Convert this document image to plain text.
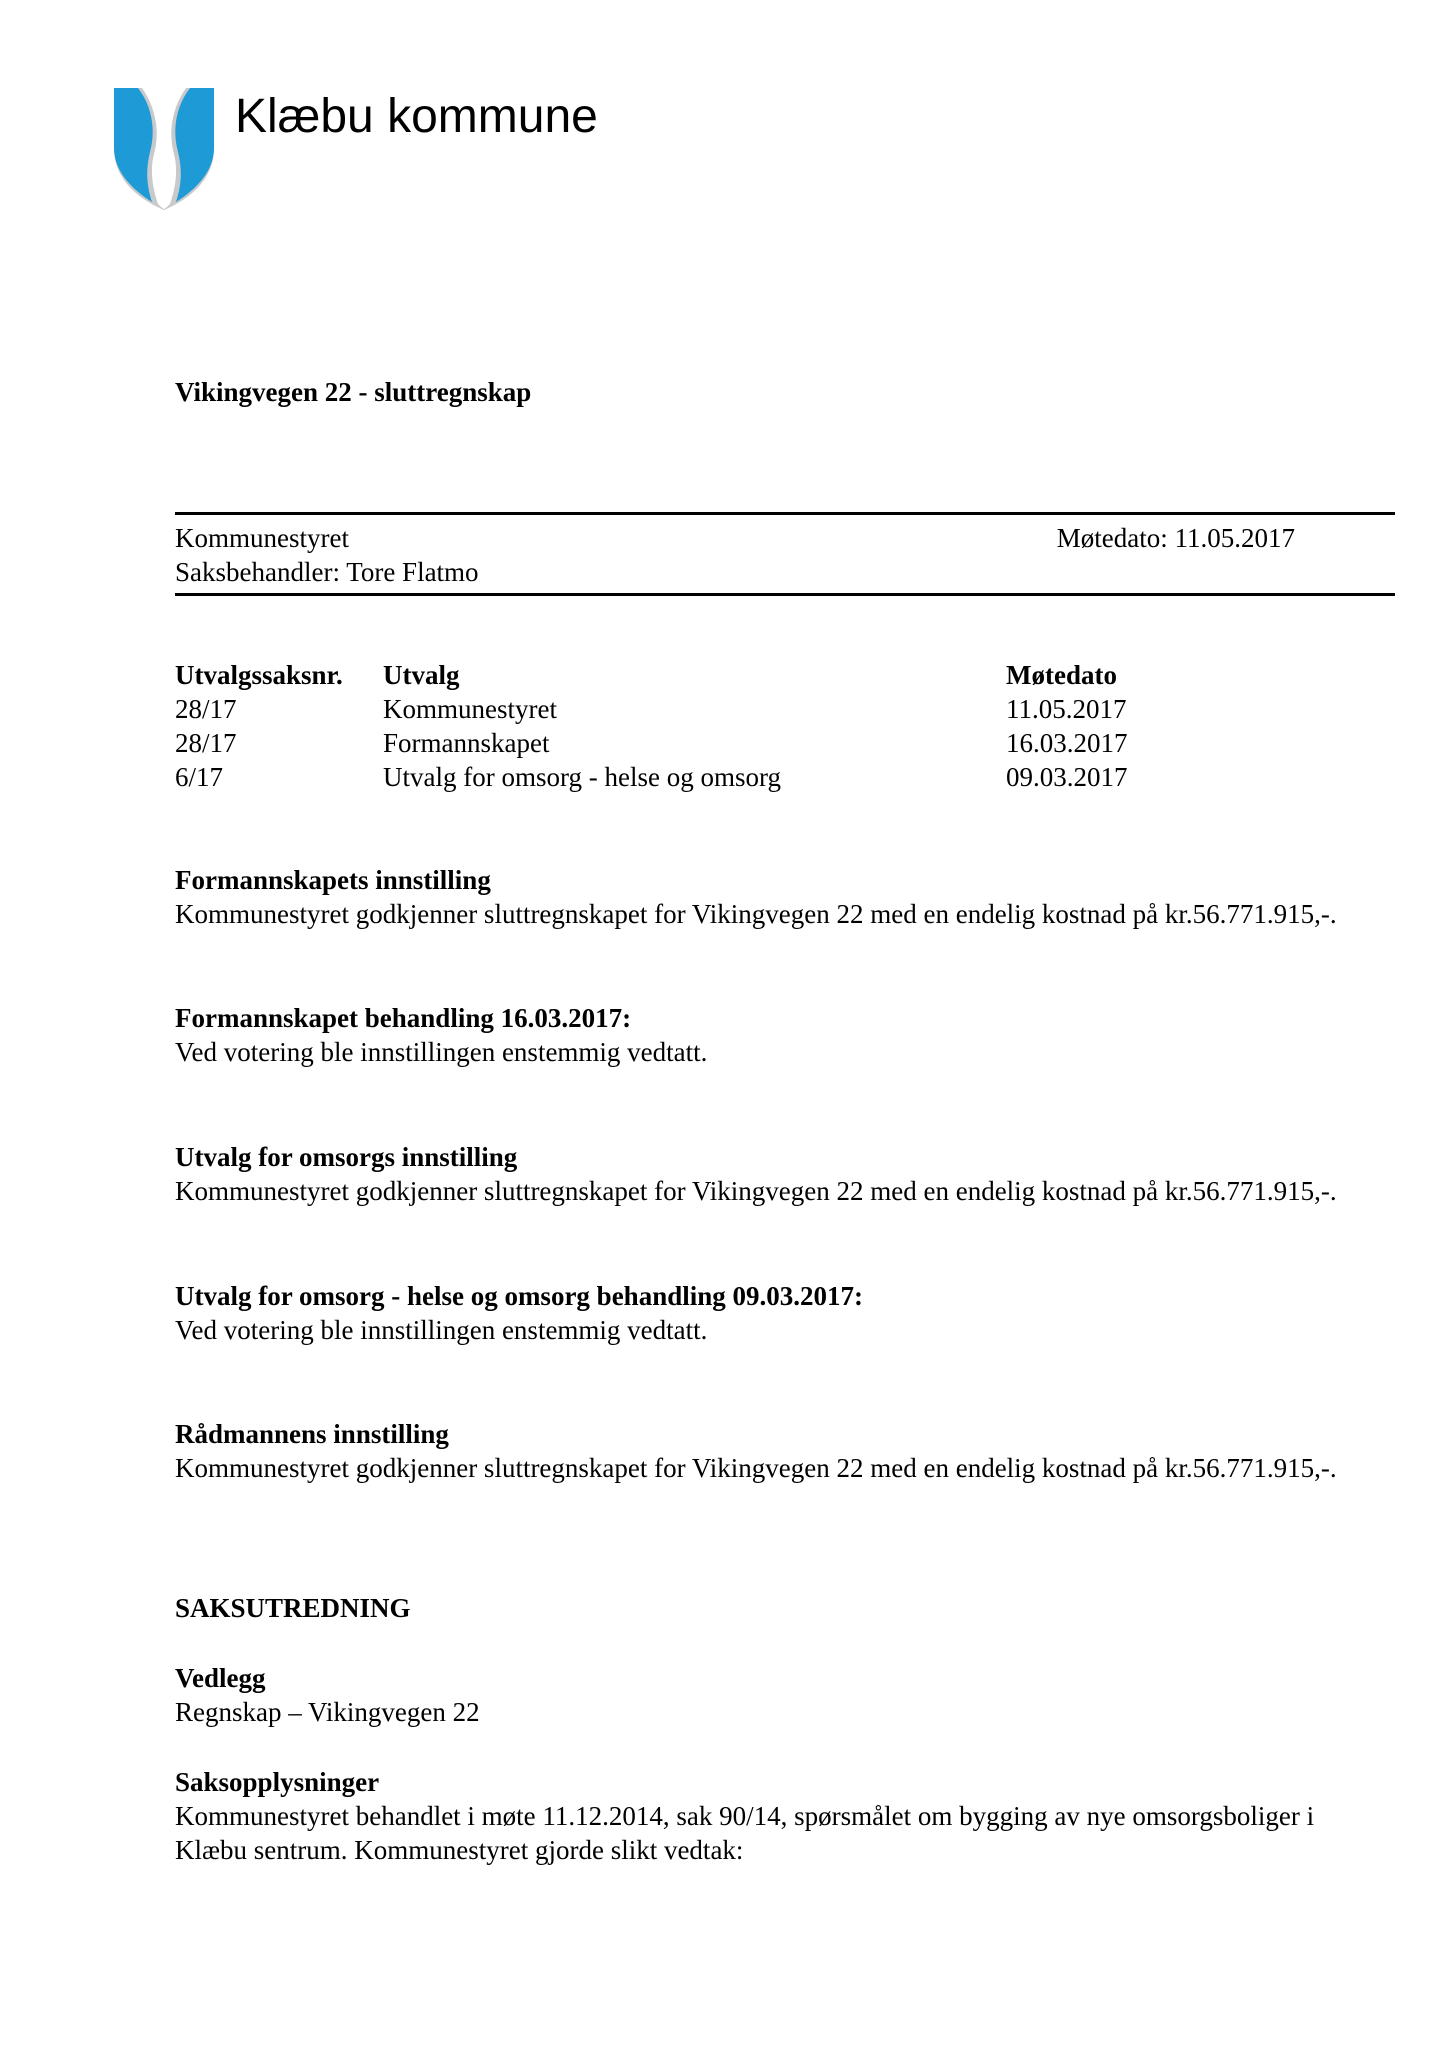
Klæbu kommune
Vikingvegen 22 - sluttregnskap
Kommunestyret	Møtedato: 11.05.2017
Saksbehandler: Tore Flatmo
Utvalgssaksnr.	Utvalg	Møtedato
28/17	Kommunestyret	11.05.2017
28/17	Formannskapet	16.03.2017
6/17	Utvalg for omsorg - helse og omsorg	09.03.2017
Formannskapets innstilling

Kommunestyret godkjenner sluttregnskapet for Vikingvegen 22 med en endelig kostnad på kr.56.771.915,-.

Formannskapet behandling 16.03.2017:

Ved votering ble innstillingen enstemmig vedtatt.

Utvalg for omsorgs innstilling

Kommunestyret godkjenner sluttregnskapet for Vikingvegen 22 med en endelig kostnad på kr.56.771.915,-.

Utvalg for omsorg - helse og omsorg behandling 09.03.2017:

Ved votering ble innstillingen enstemmig vedtatt.

Rådmannens innstilling

Kommunestyret godkjenner sluttregnskapet for Vikingvegen 22 med en endelig kostnad på kr.56.771.915,-.

SAKSUTREDNING
Vedlegg

Regnskap – Vikingvegen 22

Saksopplysninger

Kommunestyret behandlet i møte 11.12.2014, sak 90/14, spørsmålet om bygging av nye omsorgsboliger i Klæbu sentrum. Kommunestyret gjorde slikt vedtak:
